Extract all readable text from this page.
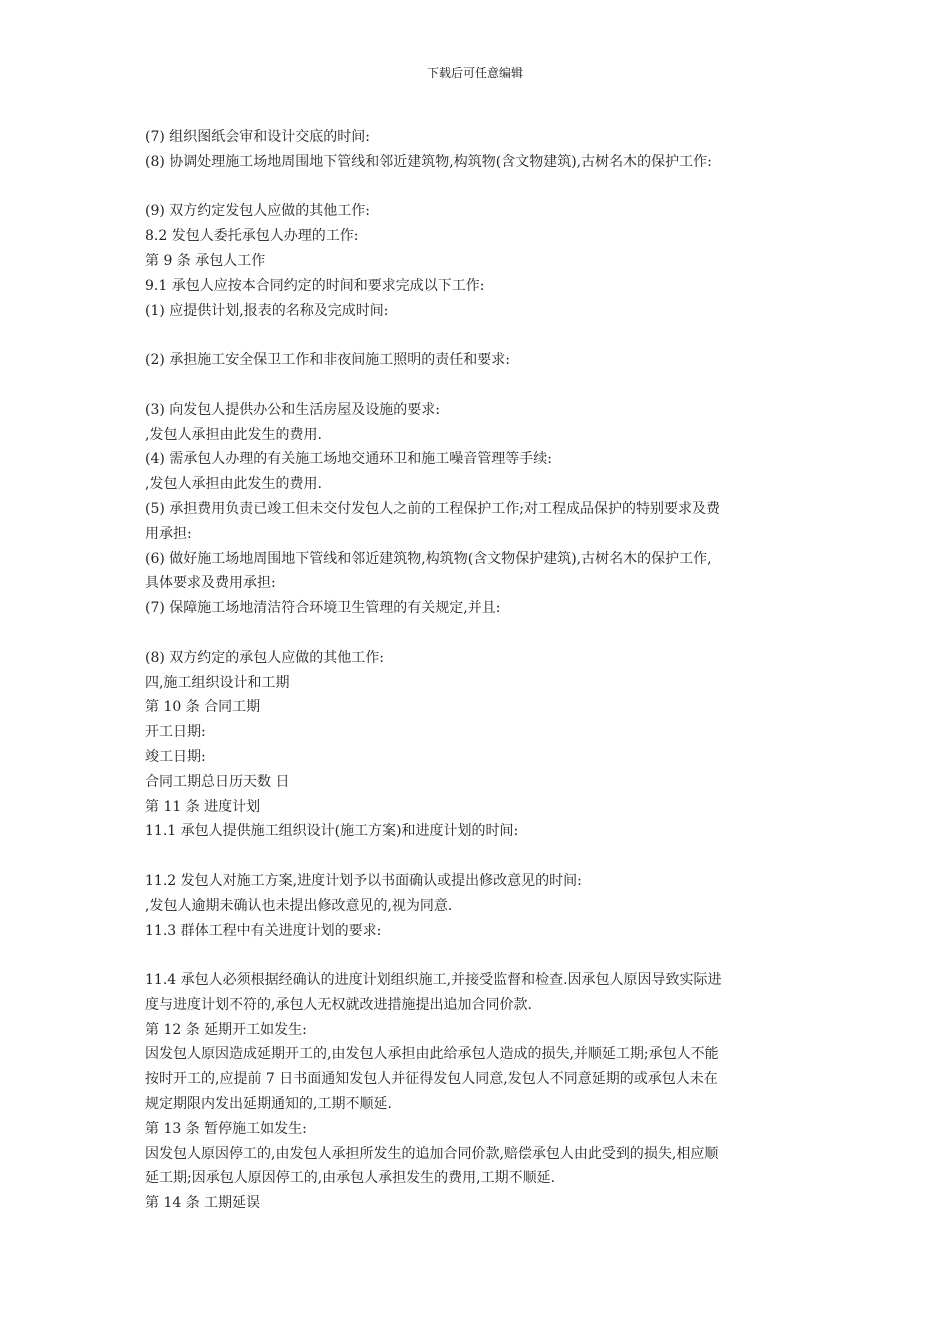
下载后可任意编辑
(7) 组织图纸会审和设计交底的时间:
(8) 协调处理施工场地周围地下管线和邻近建筑物,构筑物(含文物建筑),古树名木的保护工作:
(9) 双方约定发包人应做的其他工作:
8.2 发包人委托承包人办理的工作:
第 9 条 承包人工作
9.1 承包人应按本合同约定的时间和要求完成以下工作:
(1) 应提供计划,报表的名称及完成时间:
(2) 承担施工安全保卫工作和非夜间施工照明的责任和要求:
(3) 向发包人提供办公和生活房屋及设施的要求:
,发包人承担由此发生的费用.
(4) 需承包人办理的有关施工场地交通环卫和施工噪音管理等手续:
,发包人承担由此发生的费用.
(5) 承担费用负责已竣工但未交付发包人之前的工程保护工作;对工程成品保护的特别要求及费
用承担:
(6) 做好施工场地周围地下管线和邻近建筑物,构筑物(含文物保护建筑),古树名木的保护工作,
具体要求及费用承担:
(7) 保障施工场地清洁符合环境卫生管理的有关规定,并且:
(8) 双方约定的承包人应做的其他工作:
四,施工组织设计和工期
第 10 条 合同工期
开工日期:
竣工日期:
合同工期总日历天数 日
第 11 条 进度计划
11.1 承包人提供施工组织设计(施工方案)和进度计划的时间:
11.2 发包人对施工方案,进度计划予以书面确认或提出修改意见的时间:
,发包人逾期未确认也未提出修改意见的,视为同意.
11.3 群体工程中有关进度计划的要求:
11.4 承包人必须根据经确认的进度计划组织施工,并接受监督和检查.因承包人原因导致实际进
度与进度计划不符的,承包人无权就改进措施提出追加合同价款.
第 12 条 延期开工如发生:
因发包人原因造成延期开工的,由发包人承担由此给承包人造成的损失,并顺延工期;承包人不能
按时开工的,应提前 7 日书面通知发包人并征得发包人同意,发包人不同意延期的或承包人未在
规定期限内发出延期通知的,工期不顺延.
第 13 条 暂停施工如发生:
因发包人原因停工的,由发包人承担所发生的追加合同价款,赔偿承包人由此受到的损失,相应顺
延工期;因承包人原因停工的,由承包人承担发生的费用,工期不顺延.
第 14 条 工期延误
